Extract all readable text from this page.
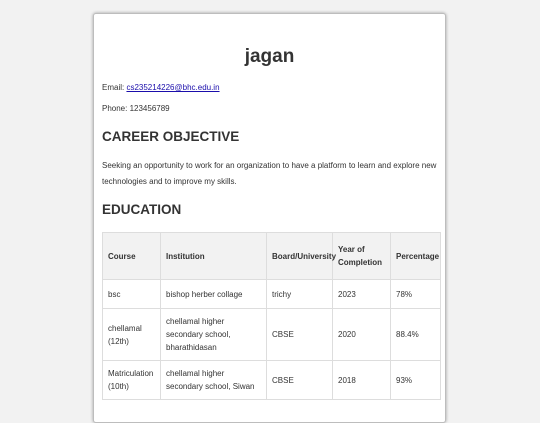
jagan

Email: cs235214226@bhc.edu.in

Phone: 123456789

CAREER OBJECTIVE

Seeking an opportunity to work for an organization to have a platform to learn and explore new technologies and to improve my skills.

EDUCATION
Course	Institution	Board/University	Year of Completion	Percentage
bsc	bishop herber collage	trichy	2023	78%
chellamal (12th)	chellamal higher secondary school, bharathidasan	CBSE	2020	88.4%
Matriculation (10th)	chellamal higher secondary school, Siwan	CBSE	2018	93%
